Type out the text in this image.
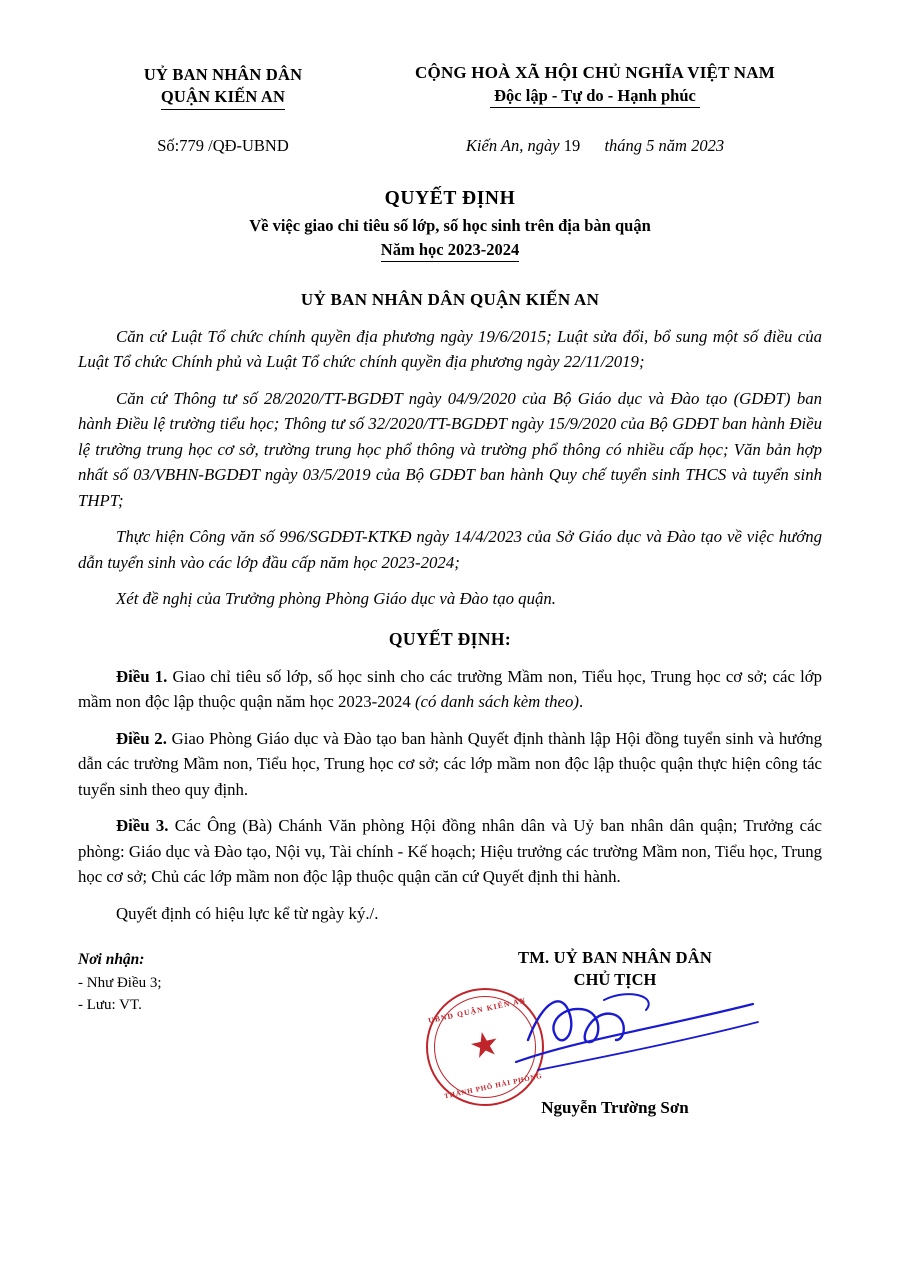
UỶ BAN NHÂN DÂN
QUẬN KIẾN AN
CỘNG HOÀ XÃ HỘI CHỦ NGHĨA VIỆT NAM
Độc lập - Tự do - Hạnh phúc
Số:779 /QĐ-UBND	Kiến An, ngày 19 tháng 5 năm 2023
QUYẾT ĐỊNH
Về việc giao chỉ tiêu số lớp, số học sinh trên địa bàn quận
Năm học 2023-2024
UỶ BAN NHÂN DÂN QUẬN KIẾN AN
Căn cứ Luật Tổ chức chính quyền địa phương ngày 19/6/2015; Luật sửa đổi, bổ sung một số điều của Luật Tổ chức Chính phủ và Luật Tổ chức chính quyền địa phương ngày 22/11/2019;
Căn cứ Thông tư số 28/2020/TT-BGDĐT ngày 04/9/2020 của Bộ Giáo dục và Đào tạo (GDĐT) ban hành Điều lệ trường tiểu học; Thông tư số 32/2020/TT-BGDĐT ngày 15/9/2020 của Bộ GDĐT ban hành Điều lệ trường trung học cơ sở, trường trung học phổ thông và trường phổ thông có nhiều cấp học; Văn bản hợp nhất số 03/VBHN-BGDĐT ngày 03/5/2019 của Bộ GDĐT ban hành Quy chế tuyển sinh THCS và tuyển sinh THPT;
Thực hiện Công văn số 996/SGDĐT-KTKĐ ngày 14/4/2023 của Sở Giáo dục và Đào tạo về việc hướng dẫn tuyển sinh vào các lớp đầu cấp năm học 2023-2024;
Xét đề nghị của Trưởng phòng Phòng Giáo dục và Đào tạo quận.
QUYẾT ĐỊNH:
Điều 1. Giao chỉ tiêu số lớp, số học sinh cho các trường Mầm non, Tiểu học, Trung học cơ sở; các lớp mầm non độc lập thuộc quận năm học 2023-2024 (có danh sách kèm theo).
Điều 2. Giao Phòng Giáo dục và Đào tạo ban hành Quyết định thành lập Hội đồng tuyển sinh và hướng dẫn các trường Mầm non, Tiểu học, Trung học cơ sở; các lớp mầm non độc lập thuộc quận thực hiện công tác tuyển sinh theo quy định.
Điều 3. Các Ông (Bà) Chánh Văn phòng Hội đồng nhân dân và Uỷ ban nhân dân quận; Trưởng các phòng: Giáo dục và Đào tạo, Nội vụ, Tài chính - Kế hoạch; Hiệu trưởng các trường Mầm non, Tiểu học, Trung học cơ sở; Chủ các lớp mầm non độc lập thuộc quận căn cứ Quyết định thi hành.
Quyết định có hiệu lực kể từ ngày ký./.
Nơi nhận:
- Như Điều 3;
- Lưu: VT.
TM. UỶ BAN NHÂN DÂN
CHỦ TỊCH
UBND QUẬN KIẾN AN
★
THÀNH PHỐ HẢI PHÒNG
Nguyễn Trường Sơn
